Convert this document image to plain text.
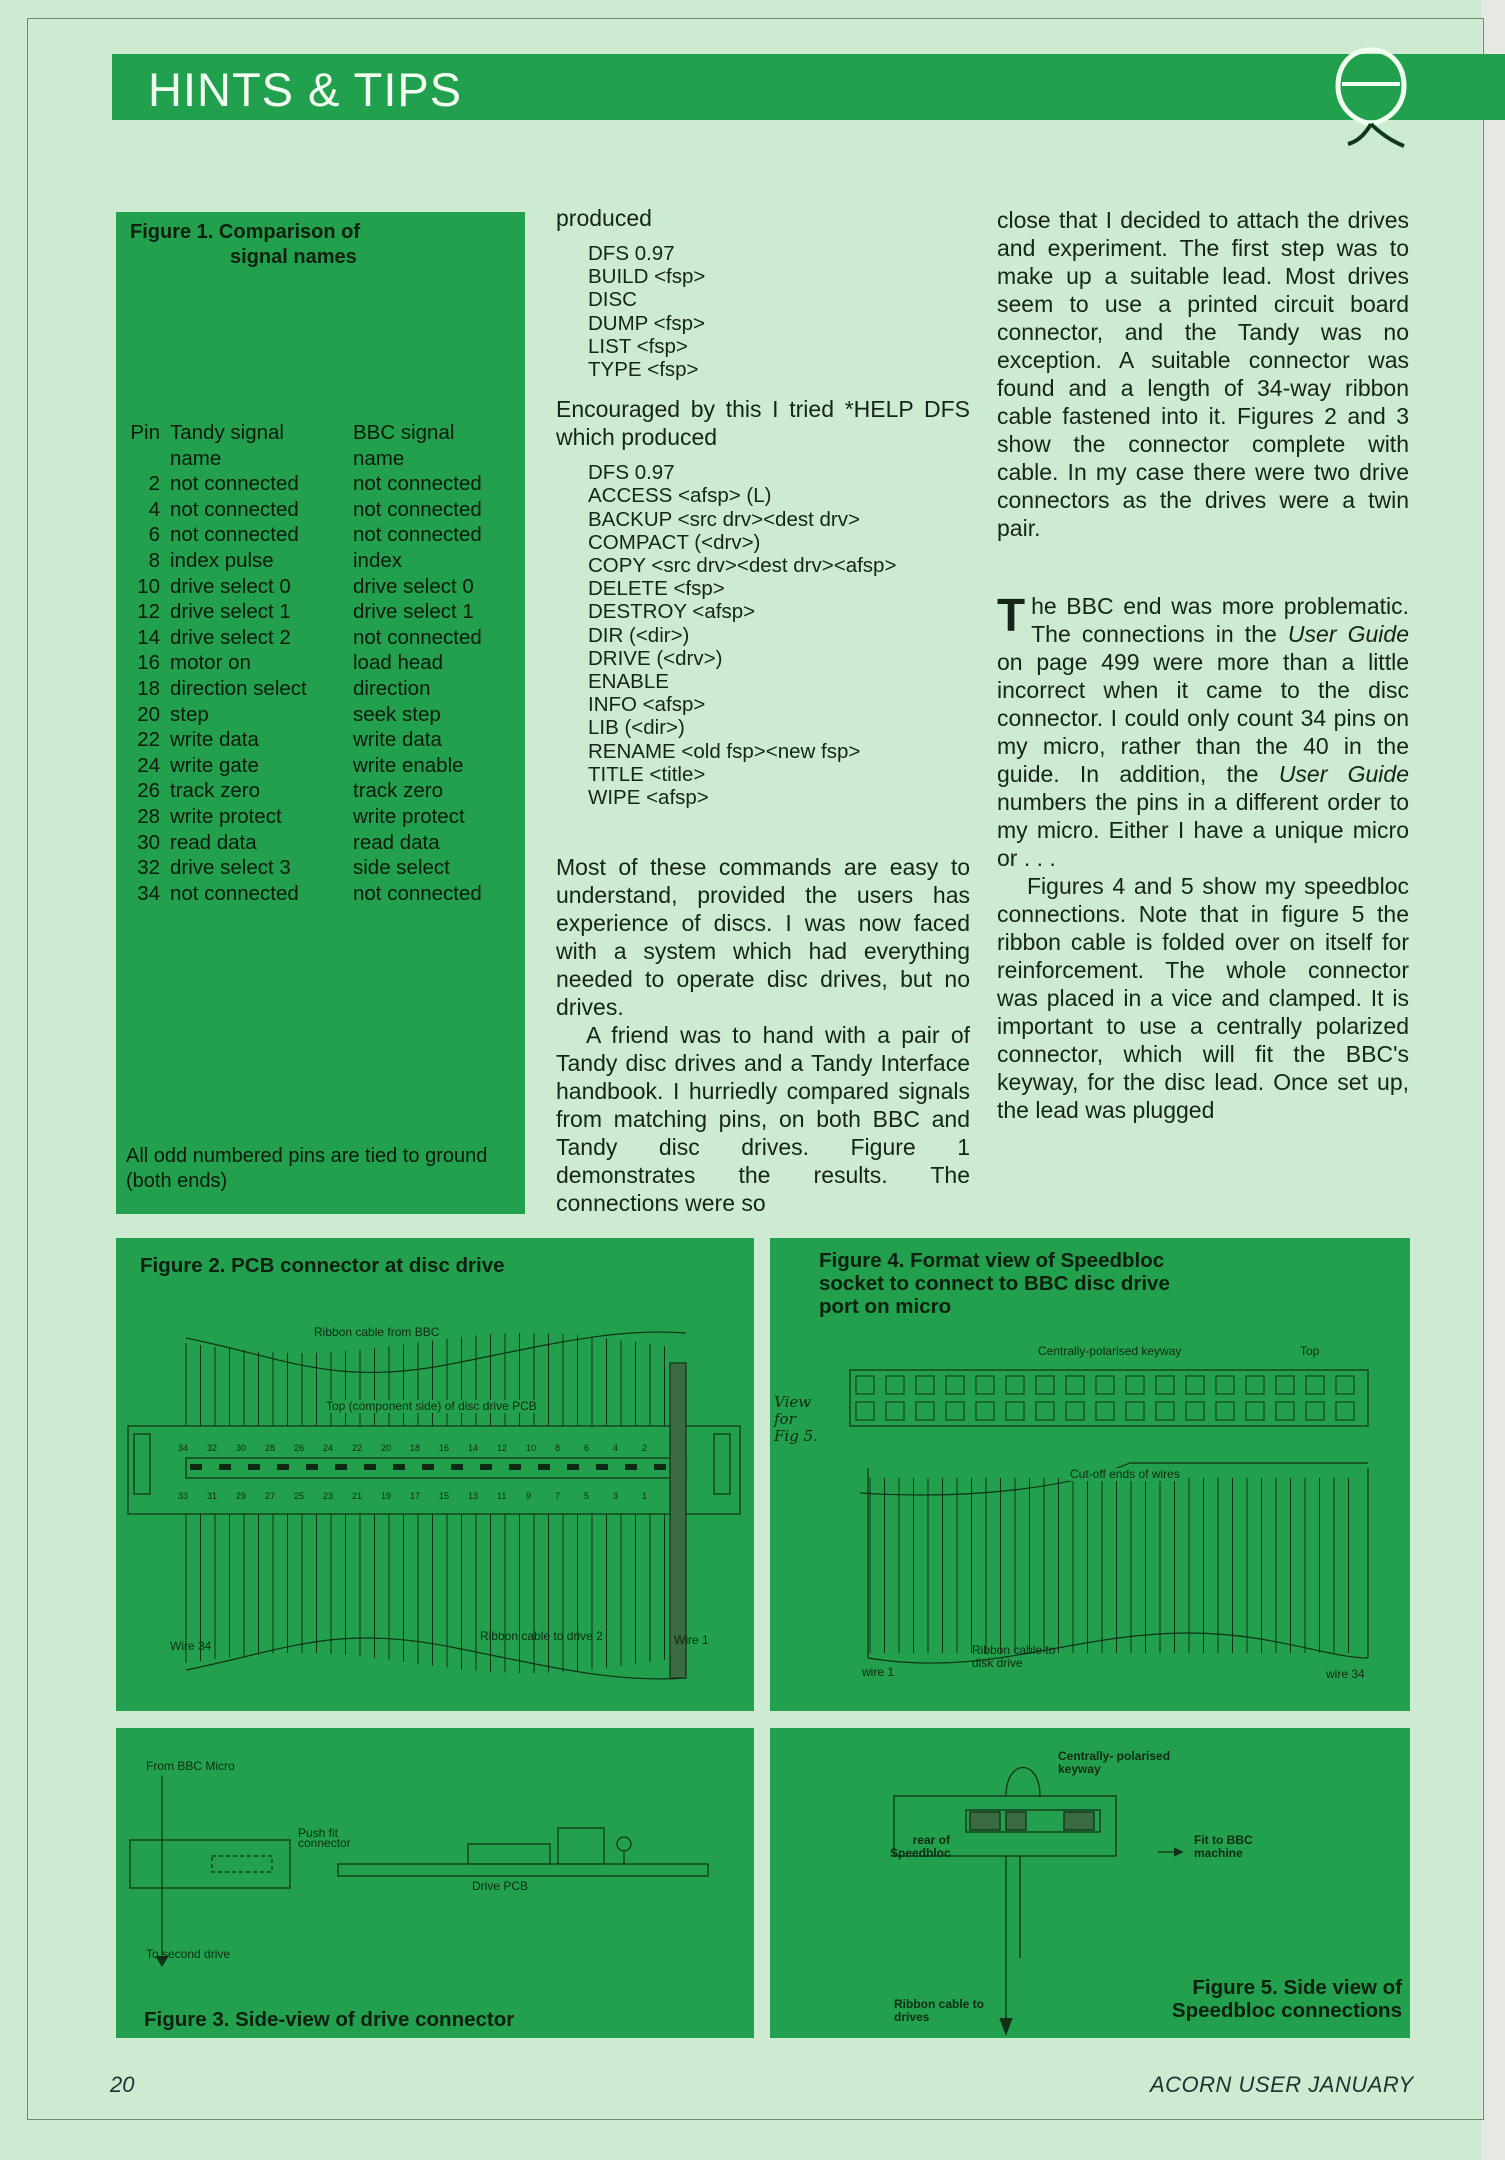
HINTS & TIPS
Figure 1. Comparison of
signal names
Pin Tandy signal	BBC signal
name	name
2 not connected	not connected
4 not connected	not connected
6 not connected	not connected
8 index pulse	index
10 drive select 0	drive select 0
12 drive select 1	drive select 1
14 drive select 2	not connected
16 motor on	load head
18 direction select	direction
20 step	seek step
22 write data	write data
24 write gate	write enable
26 track zero	track zero
28 write protect	write protect
30 read data	read data
32 drive select 3	side select
34 not connected	not connected
All odd numbered pins are tied to ground (both ends)

produced

DFS 0.97
BUILD <fsp>
DISC
DUMP <fsp>
LIST <fsp>
TYPE <fsp>

Encouraged by this I tried *HELP DFS which produced

DFS 0.97
ACCESS <afsp> (L)
BACKUP <src drv><dest drv>
COMPACT (<drv>)
COPY <src drv><dest drv><afsp>
DELETE <fsp>
DESTROY <afsp>
DIR (<dir>)
DRIVE (<drv>)
ENABLE
INFO <afsp>
LIB (<dir>)
RENAME <old fsp><new fsp>
TITLE <title>
WIPE <afsp>

Most of these commands are easy to understand, provided the users has experience of discs. I was now faced with a system which had everything needed to operate disc drives, but no drives.

A friend was to hand with a pair of Tandy disc drives and a Tandy Interface handbook. I hurriedly compared signals from matching pins, on both BBC and Tandy disc drives. Figure 1 demonstrates the results. The connections were so

close that I decided to attach the drives and experiment. The first step was to make up a suitable lead. Most drives seem to use a printed circuit board connector, and the Tandy was no exception. A suitable connector was found and a length of 34-way ribbon cable fastened into it. Figures 2 and 3 show the connector complete with cable. In my case there were two drive connectors as the drives were a twin pair.

The BBC end was more problematic. The connections in the User Guide on page 499 were more than a little incorrect when it came to the disc connector. I could only count 34 pins on my micro, rather than the 40 in the guide. In addition, the User Guide numbers the pins in a different order to my micro. Either I have a unique micro or . . .

Figures 4 and 5 show my speedbloc connections. Note that in figure 5 the ribbon cable is folded over on itself for reinforcement. The whole connector was placed in a vice and clamped. It is important to use a centrally polarized connector, which will fit the BBC's keyway, for the disc lead. Once set up, the lead was plugged

Figure 2. PCB connector at disc drive
Ribbon cable from BBC
Top (component side) of disc drive PCB
Ribbon cable to drive 2
Wire 34	Wire 1
34 32 30 28 26 24 22 20 18 16 14 12 10 8	6	4	2
33 31 29 27 25 23 21 19 17 15 13 11 9	7	5	3	1
Figure 4. Format view of Speedbloc
socket to connect to BBC disc drive
port on micro
Centrally-polarised keyway	Top
Cut-off ends of wires
Ribbon cable to disk drive
wire 1	wire 34
View for Fig 5.
From BBC Micro
Push fit connector
Drive PCB
To second drive
Figure 3. Side-view of drive connector
Centrally- polarised keyway
rear of Speedbloc
Fit to BBC machine
Ribbon cable to drives
Figure 5. Side view of
Speedbloc connections
20	ACORN USER JANUARY
